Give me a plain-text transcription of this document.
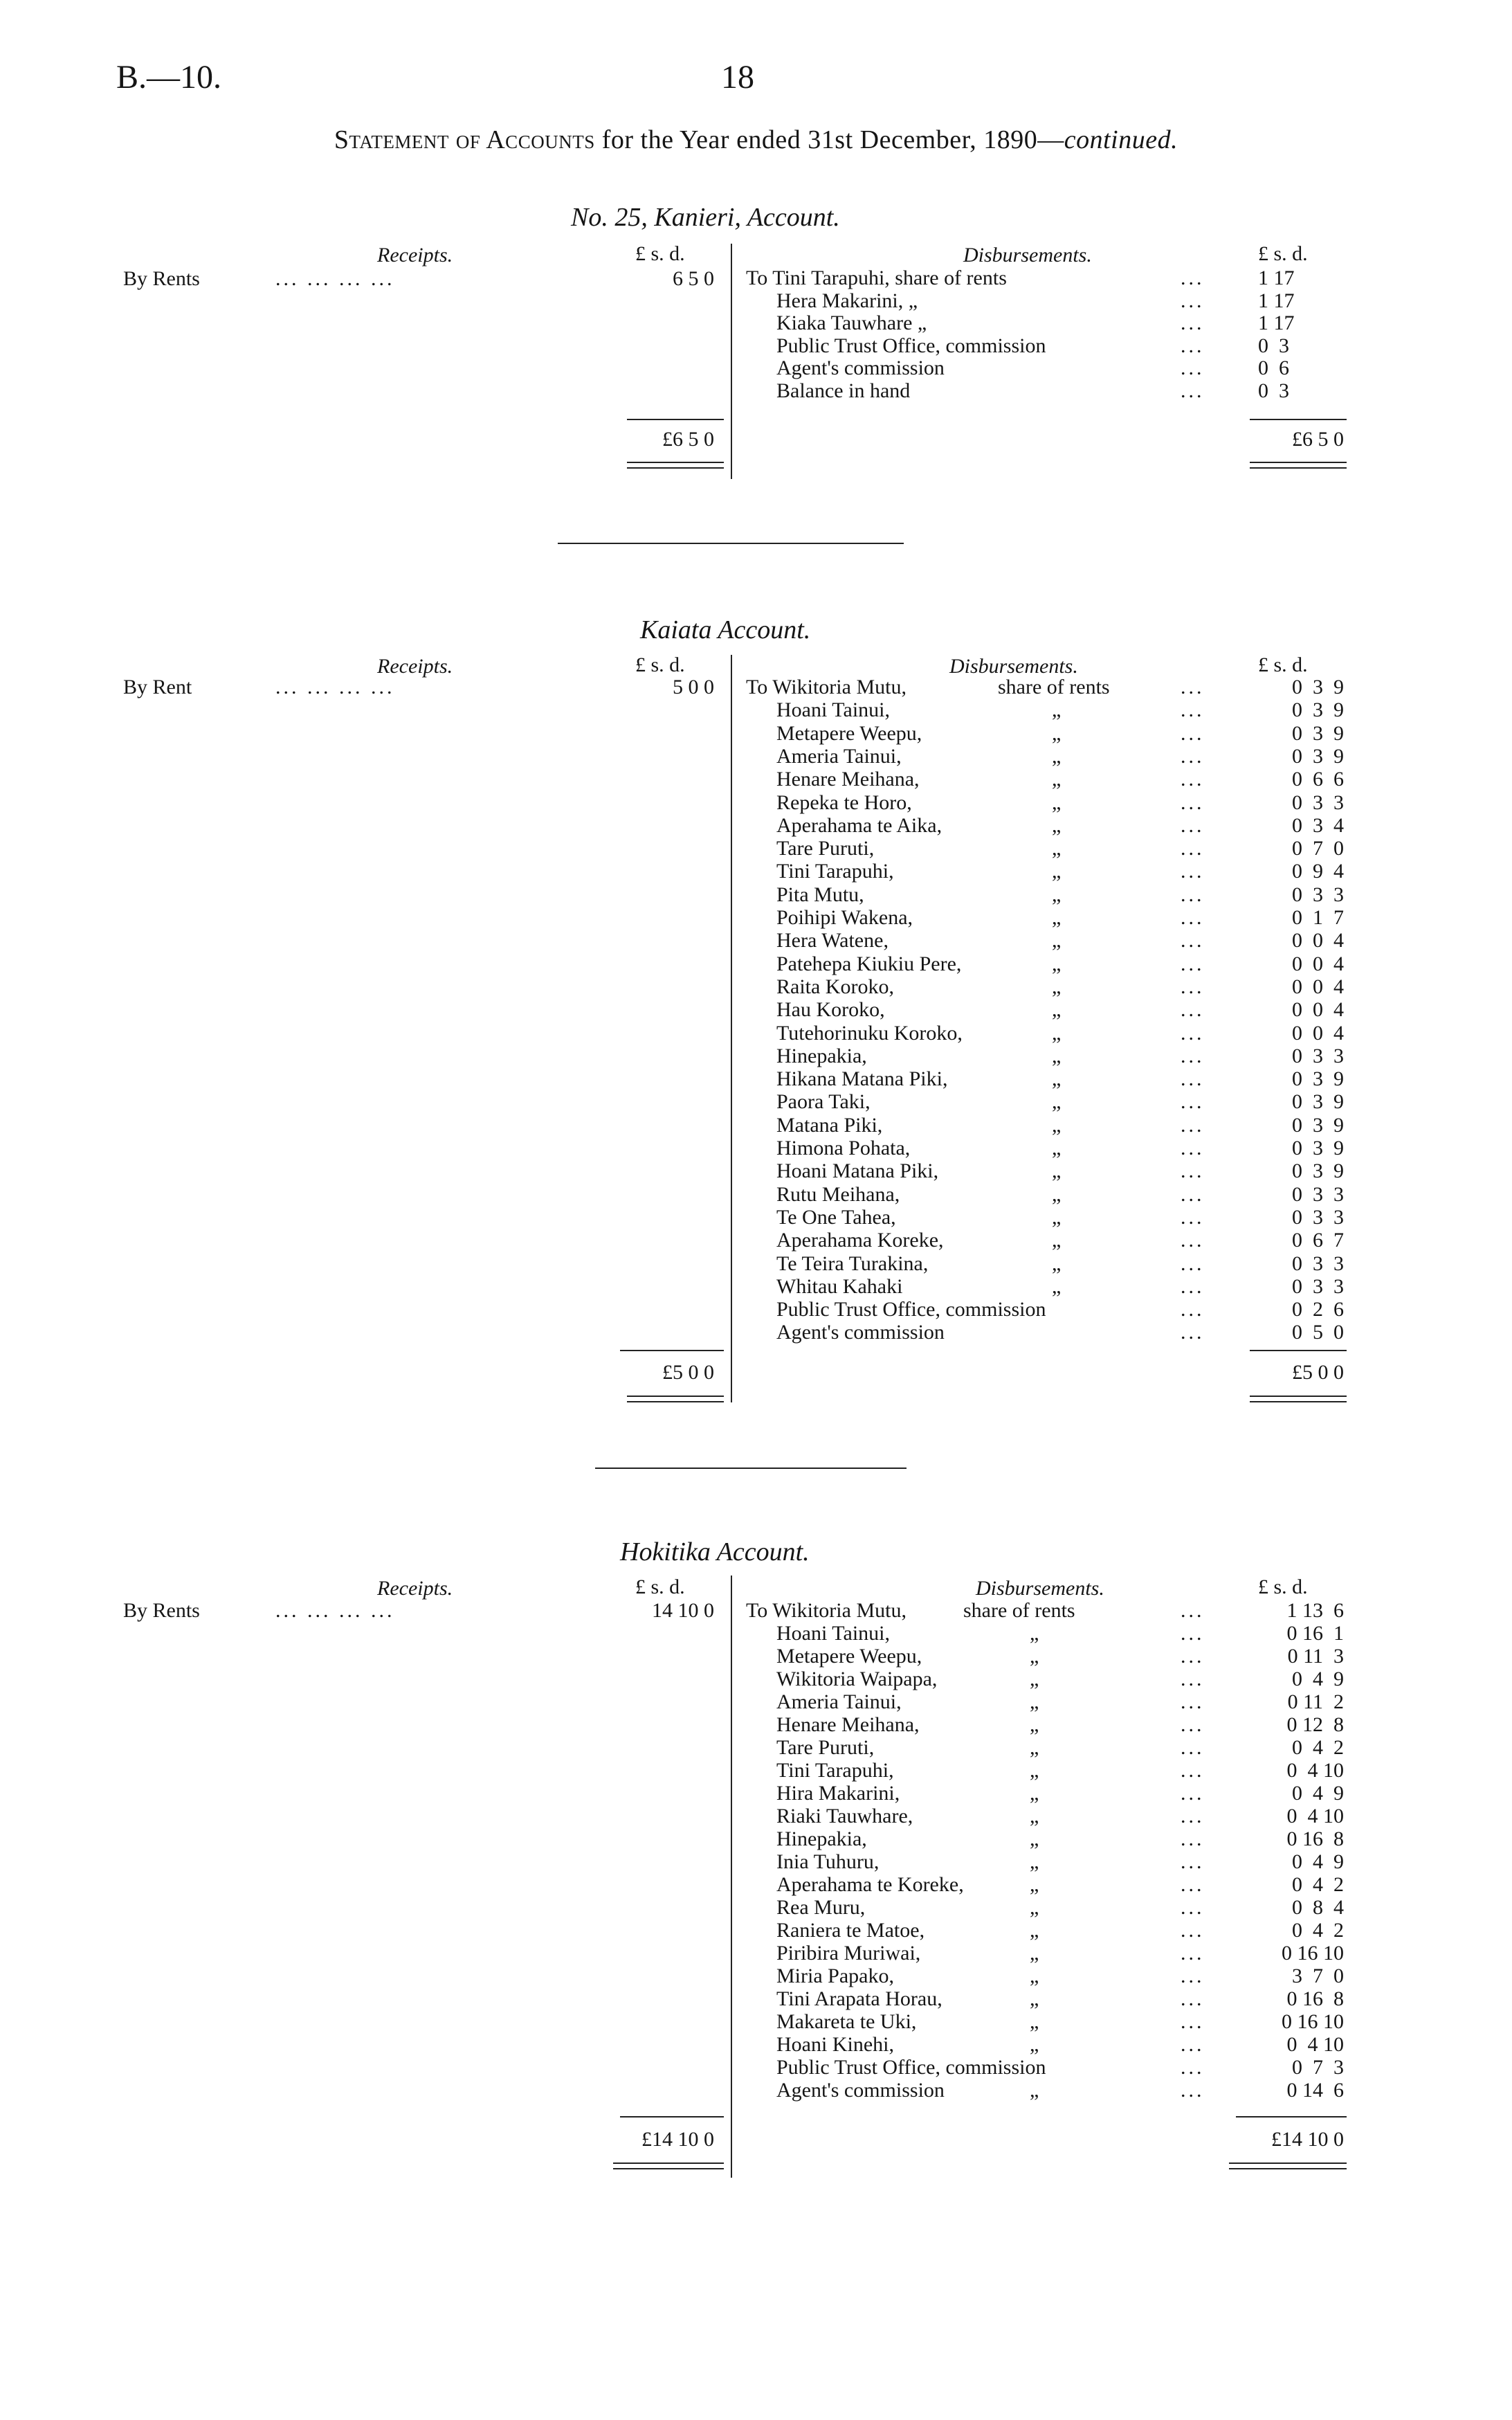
B.—10.	18
Statement of Accounts for the Year ended 31st December, 1890—continued.
No. 25, Kanieri, Account.
Receipts.	£ s. d.	Disbursements.	£ s. d.
By Rents	... ... ... ...	6 5 0 To Tini Tarapuhi, share of rents	...	1 17
Hera Makarini, „	...	1 17
Kiaka Tauwhare „	...	1 17
Public Trust Office, commission	...	0  3
Agent's commission	...	0  6
Balance in hand	...	0  3
£6 5 0	£6 5 0
Kaiata Account.
Receipts.	£ s. d.	Disbursements.	£ s. d.
By Rent	... ... ... ...	5 0 0 To Wikitoria Mutu,	share of rents	...	0  3  9
Hoani Tainui,	„	...	0  3  9
Metapere Weepu,	„	...	0  3  9
Ameria Tainui,	„	...	0  3  9
Henare Meihana,	„	...	0  6  6
Repeka te Horo,	„	...	0  3  3
Aperahama te Aika,	„	...	0  3  4
Tare Puruti,	„	...	0  7  0
Tini Tarapuhi,	„	...	0  9  4
Pita Mutu,	„	...	0  3  3
Poihipi Wakena,	„	...	0  1  7
Hera Watene,	„	...	0  0  4
Patehepa Kiukiu Pere,	„	...	0  0  4
Raita Koroko,	„	...	0  0  4
Hau Koroko,	„	...	0  0  4
Tutehorinuku Koroko,	„	...	0  0  4
Hinepakia,	„	...	0  3  3
Hikana Matana Piki,	„	...	0  3  9
Paora Taki,	„	...	0  3  9
Matana Piki,	„	...	0  3  9
Himona Pohata,	„	...	0  3  9
Hoani Matana Piki,	„	...	0  3  9
Rutu Meihana,	„	...	0  3  3
Te One Tahea,	„	...	0  3  3
Aperahama Koreke,	„	...	0  6  7
Te Teira Turakina,	„	...	0  3  3
Whitau Kahaki	„	...	0  3  3
Public Trust Office, commission	...	0  2  6
Agent's commission	...	0  5  0
£5 0 0	£5 0 0
Hokitika Account.
Receipts.	£ s. d.	Disbursements.	£ s. d.
By Rents	... ... ... ...	14 10 0 To Wikitoria Mutu,	share of rents	...	1 13  6
Hoani Tainui,	„	...	0 16  1
Metapere Weepu,	„	...	0 11  3
Wikitoria Waipapa,	„	...	0  4  9
Ameria Tainui,	„	...	0 11  2
Henare Meihana,	„	...	0 12  8
Tare Puruti,	„	...	0  4  2
Tini Tarapuhi,	„	...	0  4 10
Hira Makarini,	„	...	0  4  9
Riaki Tauwhare,	„	...	0  4 10
Hinepakia,	„	...	0 16  8
Inia Tuhuru,	„	...	0  4  9
Aperahama te Koreke,	„	...	0  4  2
Rea Muru,	„	...	0  8  4
Raniera te Matoe,	„	...	0  4  2
Piribira Muriwai,	„	...	0 16 10
Miria Papako,	„	...	3  7  0
Tini Arapata Horau,	„	...	0 16  8
Makareta te Uki,	„	...	0 16 10
Hoani Kinehi,	„	...	0  4 10
Public Trust Office, commission	...	0  7  3
Agent's commission	„	...	0 14  6
£14 10 0	£14 10 0
